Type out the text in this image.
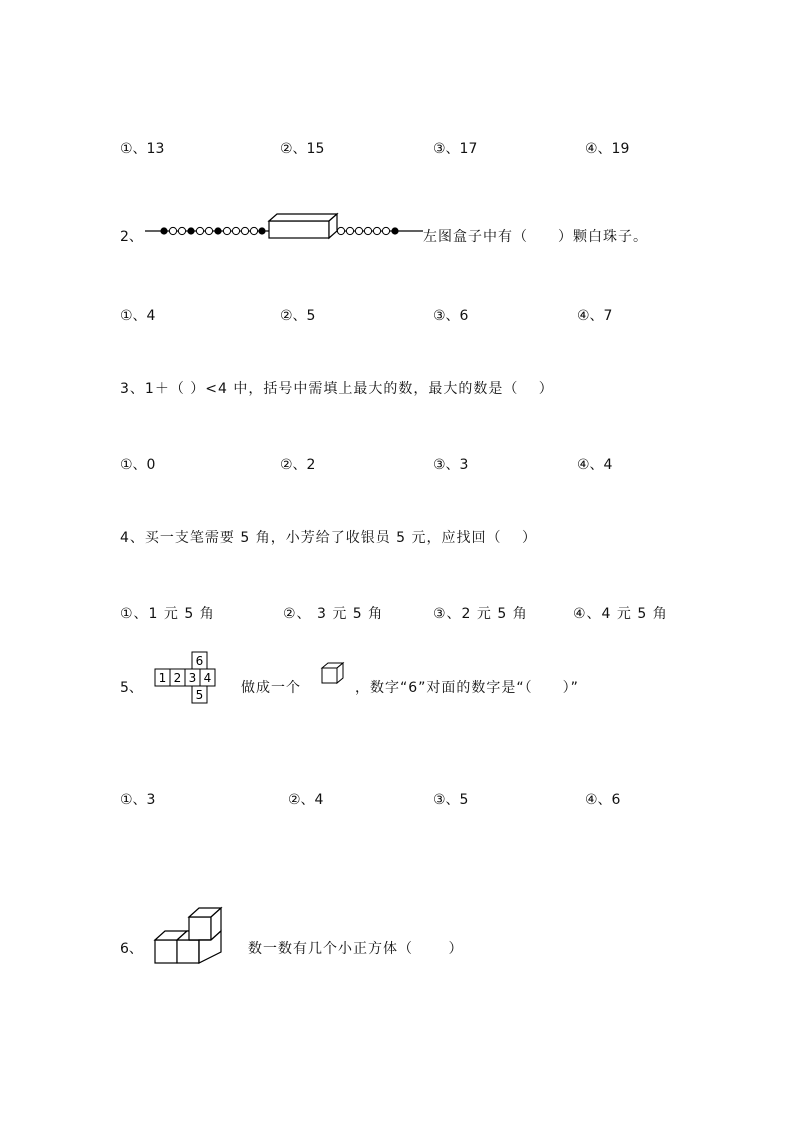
①、13	②、15	③、17	④、19
2、	左图盒子中有（　　）颗白珠子。
①、4	②、5	③、6	④、7
3、1＋（ ）<4 中，括号中需填上最大的数，最大的数是（　 ）
①、0	②、2	③、3	④、4
4、买一支笔需要 5 角，小芳给了收银员 5 元，应找回（　 ）
①、1 元 5 角	②、 3 元 5 角	③、2 元 5 角	④、4 元 5 角
5、
1 2 3 4
6
5	做成一个	，数字“6”对面的数字是“（　　）”
①、3	②、4	③、5	④、6
6、	数一数有几个小正方体（　　 ）
